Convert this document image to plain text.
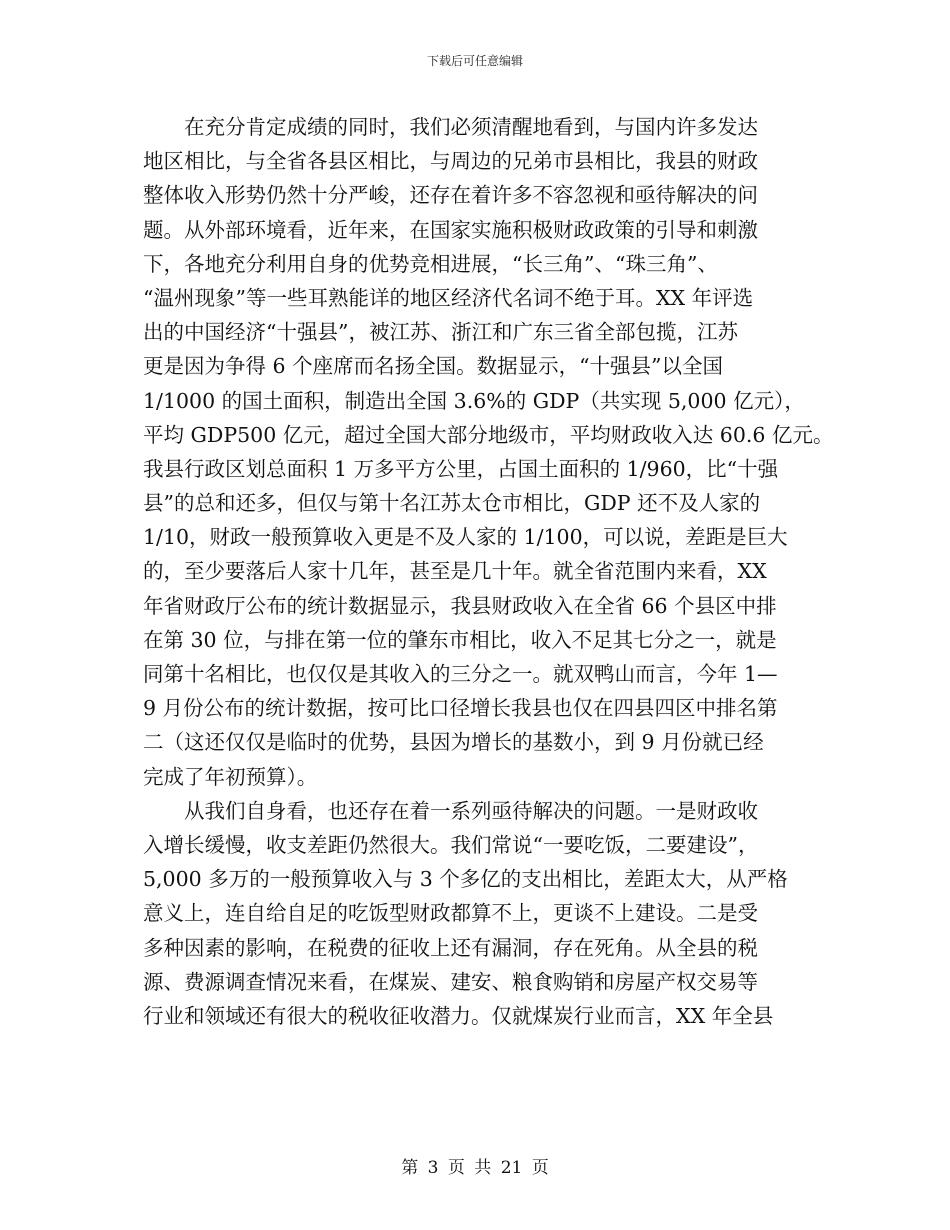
下载后可任意编辑
　　在充分肯定成绩的同时，我们必须清醒地看到，与国内许多发达
地区相比，与全省各县区相比，与周边的兄弟市县相比，我县的财政
整体收入形势仍然十分严峻，还存在着许多不容忽视和亟待解决的问
题。从外部环境看，近年来，在国家实施积极财政政策的引导和刺激
下，各地充分利用自身的优势竞相进展，“长三角”、“珠三角”、
“温州现象”等一些耳熟能详的地区经济代名词不绝于耳。XX 年评选
出的中国经济“十强县”，被江苏、浙江和广东三省全部包揽，江苏
更是因为争得 6 个座席而名扬全国。数据显示，“十强县”以全国
1/1000 的国土面积，制造出全国 3.6%的 GDP（共实现 5,000 亿元），
平均 GDP500 亿元，超过全国大部分地级市，平均财政收入达 60.6 亿元。
我县行政区划总面积 1 万多平方公里，占国土面积的 1/960，比“十强
县”的总和还多，但仅与第十名江苏太仓市相比，GDP 还不及人家的
1/10，财政一般预算收入更是不及人家的 1/100，可以说，差距是巨大
的，至少要落后人家十几年，甚至是几十年。就全省范围内来看，XX
年省财政厅公布的统计数据显示，我县财政收入在全省 66 个县区中排
在第 30 位，与排在第一位的肇东市相比，收入不足其七分之一，就是
同第十名相比，也仅仅是其收入的三分之一。就双鸭山而言，今年 1—
9 月份公布的统计数据，按可比口径增长我县也仅在四县四区中排名第
二（这还仅仅是临时的优势，县因为增长的基数小，到 9 月份就已经
完成了年初预算）。
　　从我们自身看，也还存在着一系列亟待解决的问题。一是财政收
入增长缓慢，收支差距仍然很大。我们常说“一要吃饭，二要建设”，
5,000 多万的一般预算收入与 3 个多亿的支出相比，差距太大，从严格
意义上，连自给自足的吃饭型财政都算不上，更谈不上建设。二是受
多种因素的影响，在税费的征收上还有漏洞，存在死角。从全县的税
源、费源调查情况来看，在煤炭、建安、粮食购销和房屋产权交易等
行业和领域还有很大的税收征收潜力。仅就煤炭行业而言，XX 年全县
第 3 页 共 21 页
